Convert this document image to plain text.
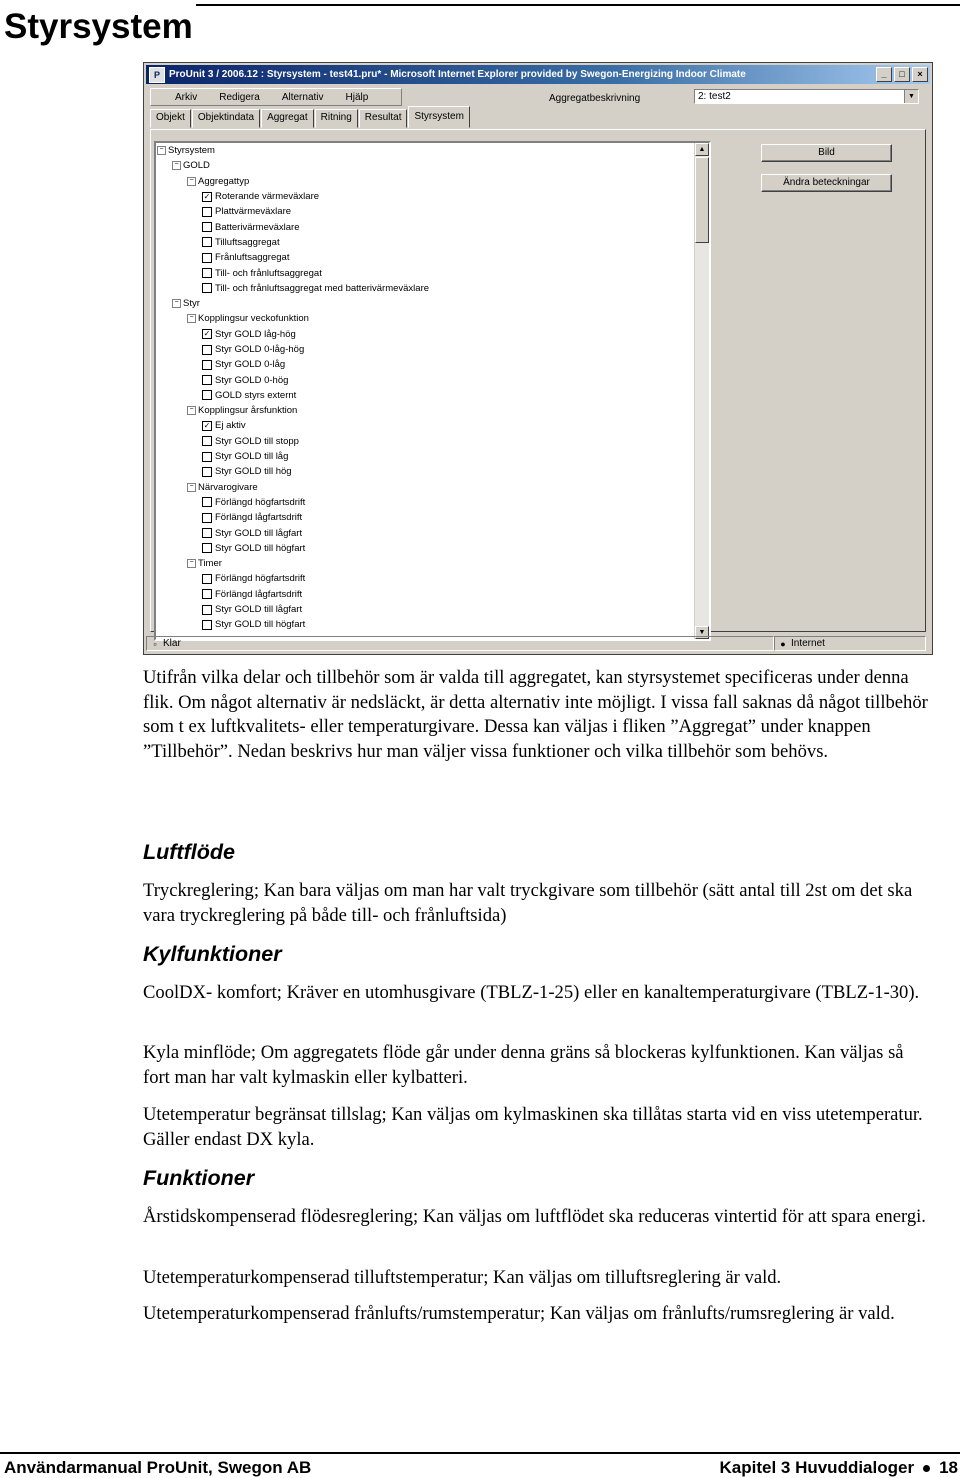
Styrsystem
P ProUnit 3 / 2006.12 : Styrsystem - test41.pru* - Microsoft Internet Explorer provided by Swegon-Energizing Indoor Climate	_	□	×
Arkiv Redigera Alternativ Hjälp	Aggregatbeskrivning	2: test2	▼
Objekt	Objektindata	Aggregat	Ritning	Resultat	Styrsystem
− Styrsystem
− GOLD
− Aggregattyp
✓ Roterande värmeväxlare
Plattvärmeväxlare
Batterivärmeväxlare
Tilluftsaggregat
Frånluftsaggregat
Till- och frånluftsaggregat
Till- och frånluftsaggregat med batterivärmeväxlare
− Styr
− Kopplingsur veckofunktion
✓ Styr GOLD låg-hög
Styr GOLD 0-låg-hög
Styr GOLD 0-låg
Styr GOLD 0-hög
GOLD styrs externt
− Kopplingsur årsfunktion
✓ Ej aktiv
Styr GOLD till stopp
Styr GOLD till låg
Styr GOLD till hög
− Närvarogivare
Förlängd högfartsdrift
Förlängd lågfartsdrift
Styr GOLD till lågfart
Styr GOLD till högfart
− Timer
Förlängd högfartsdrift
Förlängd lågfartsdrift
Styr GOLD till lågfart
Styr GOLD till högfart
▲
▼
Bild
Ändra beteckningar
▫ Klar	● Internet

Utifrån vilka delar och tillbehör som är valda till aggregatet, kan styrsystemet specificeras under denna flik. Om något alternativ är nedsläckt, är detta alternativ inte möjligt. I vissa fall saknas då något tillbehör som t ex luftkvalitets- eller temperaturgivare. Dessa kan väljas i fliken ”Aggregat” under knappen ”Tillbehör”. Nedan beskrivs hur man väljer vissa funktioner och vilka tillbehör som behövs.

Luftflöde

Tryckreglering; Kan bara väljas om man har valt tryckgivare som tillbehör (sätt antal till 2st om det ska vara tryckreglering på både till- och frånluftsida)

Kylfunktioner

CoolDX- komfort; Kräver en utomhusgivare (TBLZ-1-25) eller en kanaltemperaturgivare (TBLZ-1-30).

Kyla minflöde; Om aggregatets flöde går under denna gräns så blockeras kylfunktionen. Kan väljas så fort man har valt kylmaskin eller kylbatteri.

Utetemperatur begränsat tillslag; Kan väljas om kylmaskinen ska tillåtas starta vid en viss utetemperatur. Gäller endast DX kyla.

Funktioner

Årstidskompenserad flödesreglering; Kan väljas om luftflödet ska reduceras vintertid för att spara energi.

Utetemperaturkompenserad tilluftstemperatur; Kan väljas om tilluftsreglering är vald.

Utetemperaturkompenserad frånlufts/rumstemperatur; Kan väljas om frånlufts/rumsreglering är vald.

Användarmanual ProUnit, Swegon AB	Kapitel 3 Huvuddialoger 18
